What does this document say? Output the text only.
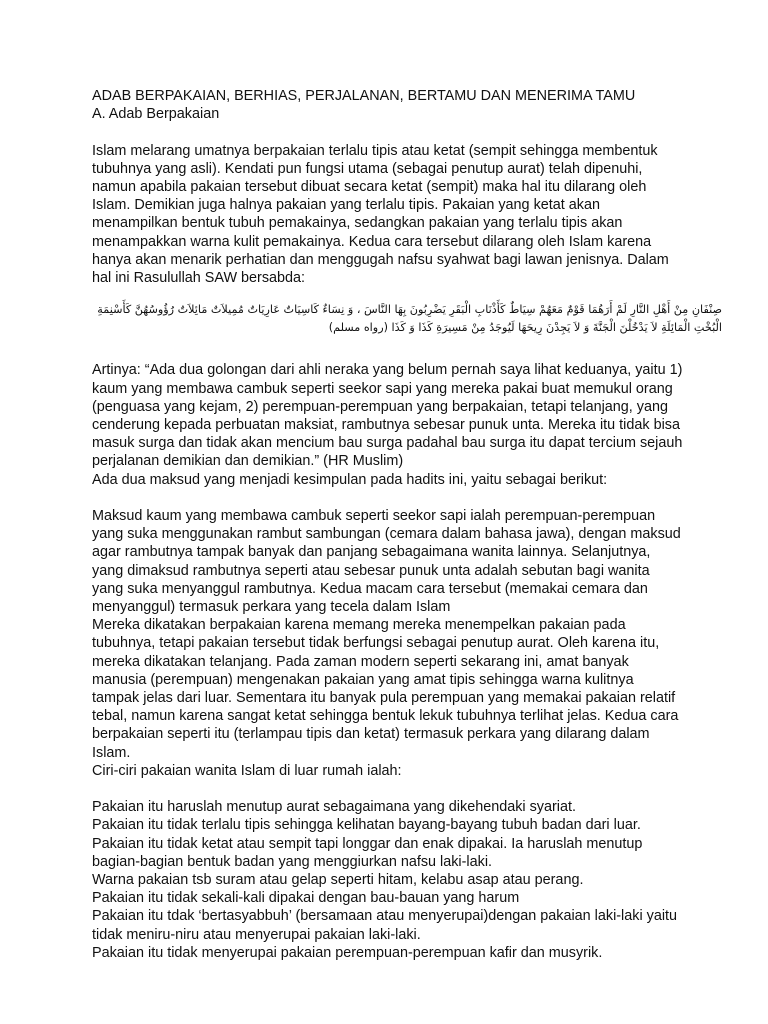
ADAB BERPAKAIAN, BERHIAS, PERJALANAN, BERTAMU DAN MENERIMA TAMU

A. Adab Berpakaian

Islam melarang umatnya berpakaian terlalu tipis atau ketat (sempit sehingga membentuk

tubuhnya yang asli). Kendati pun fungsi utama (sebagai penutup aurat) telah dipenuhi,

namun apabila pakaian tersebut dibuat secara ketat (sempit) maka hal itu dilarang oleh

Islam. Demikian juga halnya pakaian yang terlalu tipis. Pakaian yang ketat akan

menampilkan bentuk tubuh pemakainya, sedangkan pakaian yang terlalu tipis akan

menampakkan warna kulit pemakainya. Kedua cara tersebut dilarang oleh Islam karena

hanya akan menarik perhatian dan menggugah nafsu syahwat bagi lawan jenisnya. Dalam

hal ini Rasulullah SAW bersabda:

صِنْفَانِ مِنْ أَهْلِ النَّارِ لَمْ أَرَهُمَا قَوْمٌ مَعَهُمْ سِيَاطٌ كَأَذْنَابِ الْبَقَرِ يَضْرِبُونَ بِهَا النَّاسَ ، وَ نِسَاءٌ كَاسِيَاتٌ عَارِيَاتٌ مُمِيلاَتٌ مَائِلاَتٌ رُؤُوسُهُنَّ كَأَسْنِمَةِ
الْبُخْتِ الْمَائِلَةِ لاَ يَدْخُلْنَ الْجَنَّةَ وَ لاَ يَجِدْنَ رِيحَهَا لَيُوجَدُ مِنْ مَسِيرَةِ كَذَا وَ كَذَا (رواه مسلم)

Artinya: “Ada dua golongan dari ahli neraka yang belum pernah saya lihat keduanya, yaitu 1)

kaum yang membawa cambuk seperti seekor sapi yang mereka pakai buat memukul orang

(penguasa yang kejam, 2) perempuan-perempuan yang berpakaian, tetapi telanjang, yang

cenderung kepada perbuatan maksiat, rambutnya sebesar punuk unta. Mereka itu tidak bisa

masuk surga dan tidak akan mencium bau surga padahal bau surga itu dapat tercium sejauh

perjalanan demikian dan demikian.” (HR Muslim)

Ada dua maksud yang menjadi kesimpulan pada hadits ini, yaitu sebagai berikut:

Maksud kaum yang membawa cambuk seperti seekor sapi ialah perempuan-perempuan

yang suka menggunakan rambut sambungan (cemara dalam bahasa jawa), dengan maksud

agar rambutnya tampak banyak dan panjang sebagaimana wanita lainnya. Selanjutnya,

yang dimaksud rambutnya seperti atau sebesar punuk unta adalah sebutan bagi wanita

yang suka menyanggul rambutnya. Kedua macam cara tersebut (memakai cemara dan

menyanggul) termasuk perkara yang tecela dalam Islam

Mereka dikatakan berpakaian karena memang mereka menempelkan pakaian pada

tubuhnya, tetapi pakaian tersebut tidak berfungsi sebagai penutup aurat. Oleh karena itu,

mereka dikatakan telanjang. Pada zaman modern seperti sekarang ini, amat banyak

manusia (perempuan) mengenakan pakaian yang amat tipis sehingga warna kulitnya

tampak jelas dari luar. Sementara itu banyak pula perempuan yang memakai pakaian relatif

tebal, namun karena sangat ketat sehingga bentuk lekuk tubuhnya terlihat jelas. Kedua cara

berpakaian seperti itu (terlampau tipis dan ketat) termasuk perkara yang dilarang dalam

Islam.

Ciri-ciri pakaian wanita Islam di luar rumah ialah:

Pakaian itu haruslah menutup aurat sebagaimana yang dikehendaki syariat.

Pakaian itu tidak terlalu tipis sehingga kelihatan bayang-bayang tubuh badan dari luar.

Pakaian itu tidak ketat atau sempit tapi longgar dan enak dipakai. Ia haruslah menutup

bagian-bagian bentuk badan yang menggiurkan nafsu laki-laki.

Warna pakaian tsb suram atau gelap seperti hitam, kelabu asap atau perang.

Pakaian itu tidak sekali-kali dipakai dengan bau-bauan yang harum

Pakaian itu tdak ‘bertasyabbuh’ (bersamaan atau menyerupai)dengan pakaian laki-laki yaitu

tidak meniru-niru atau menyerupai pakaian laki-laki.

Pakaian itu tidak menyerupai pakaian perempuan-perempuan kafir dan musyrik.
